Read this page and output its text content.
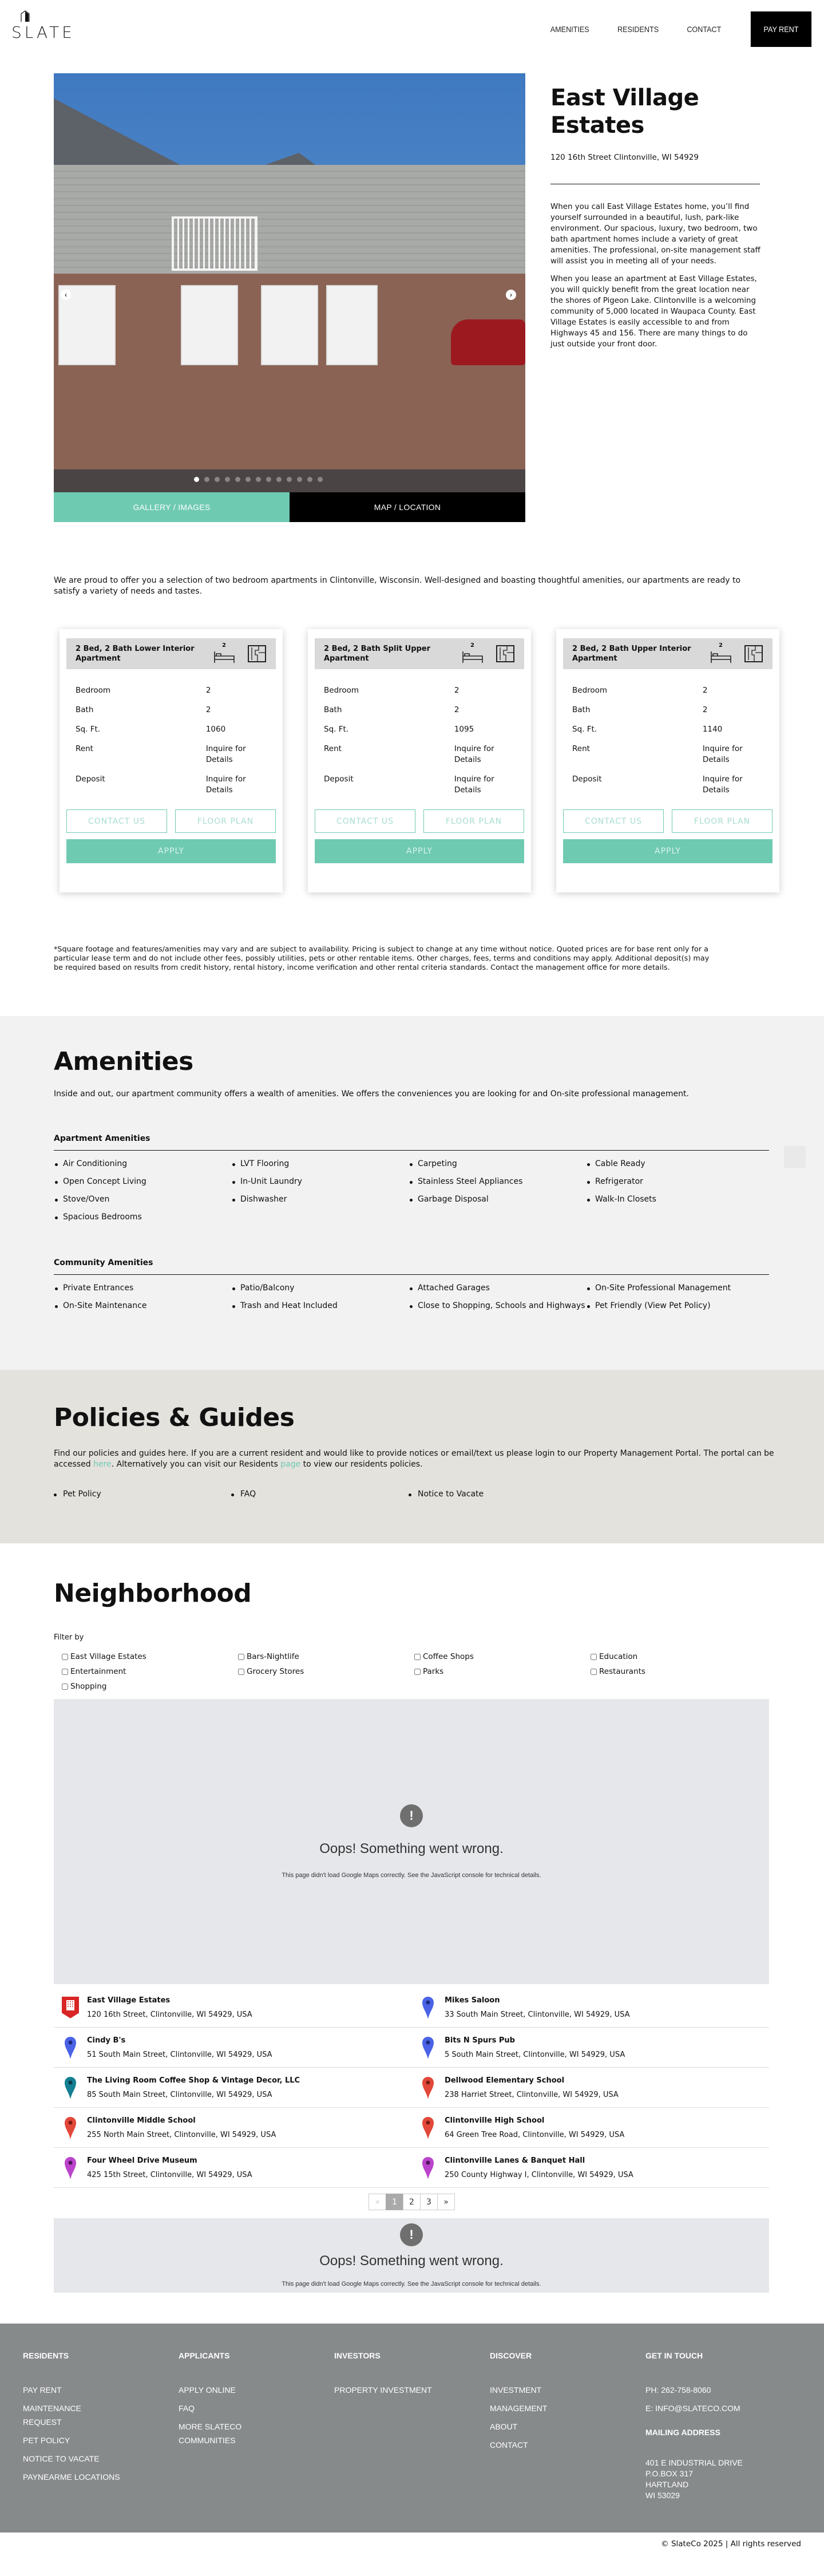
SLATE	AMENITIES	RESIDENTS	CONTACT	PAY RENT
‹	›
GALLERY / IMAGES	MAP / LOCATION
East Village Estates
120 16th Street Clintonville, WI 54929

When you call East Village Estates home, you’ll find yourself surrounded in a beautiful, lush, park-like environment. Our spacious, luxury, two bedroom, two bath apartment homes include a variety of great amenities. The professional, on-site management staff will assist you in meeting all of your needs.

When you lease an apartment at East Village Estates, you will quickly benefit from the great location near the shores of Pigeon Lake. Clintonville is a welcoming community of 5,000 located in Waupaca County. East Village Estates is easily accessible to and from Highways 45 and 156. There are many things to do just outside your front door.

We are proud to offer you a selection of two bedroom apartments in Clintonville, Wisconsin. Well-designed and boasting thoughtful amenities, our apartments are ready to satisfy a variety of needs and tastes.
2 Bed, 2 Bath Lower Interior Apartment
2
Bedroom	2
Bath	2
Sq. Ft.	1060
Rent	Inquire for Details
Deposit	Inquire for Details
CONTACT US	FLOOR PLAN
APPLY
2 Bed, 2 Bath Split Upper Apartment
2
Bedroom	2
Bath	2
Sq. Ft.	1095
Rent	Inquire for Details
Deposit	Inquire for Details
CONTACT US	FLOOR PLAN
APPLY
2 Bed, 2 Bath Upper Interior Apartment
2
Bedroom	2
Bath	2
Sq. Ft.	1140
Rent	Inquire for Details
Deposit	Inquire for Details
CONTACT US	FLOOR PLAN
APPLY
*Square footage and features/amenities may vary and are subject to availability. Pricing is subject to change at any time without notice. Quoted prices are for base rent only for a particular lease term and do not include other fees, possibly utilities, pets or other rentable items. Other charges, fees, terms and conditions may apply. Additional deposit(s) may be required based on results from credit history, rental history, income verification and other rental criteria standards. Contact the management office for more details.
Amenities
Inside and out, our apartment community offers a wealth of amenities. We offers the conveniences you are looking for and On-site professional management.
Apartment Amenities
Air Conditioning	LVT Flooring	Carpeting	Cable Ready
Open Concept Living	In-Unit Laundry	Stainless Steel Appliances	Refrigerator
Stove/Oven	Dishwasher	Garbage Disposal	Walk-In Closets
Spacious Bedrooms
Community Amenities
Private Entrances	Patio/Balcony	Attached Garages	On-Site Professional Management
On-Site Maintenance	Trash and Heat Included	Close to Shopping, Schools and Highways	Pet Friendly (View Pet Policy)
ˆ
Policies & Guides
Find our policies and guides here. If you are a current resident and would like to provide notices or email/text us please login to our Property Management Portal. The portal can be accessed here. Alternatively you can visit our Residents page to view our residents policies.
Pet Policy	FAQ	Notice to Vacate
Neighborhood
Filter by
East Village Estates	Bars-Nightlife	Coffee Shops	Education
Entertainment	Grocery Stores	Parks	Restaurants
Shopping
!
Oops! Something went wrong.
This page didn't load Google Maps correctly. See the JavaScript console for technical details.
East Village Estates
120 16th Street, Clintonville, WI 54929, USA
Mikes Saloon
33 South Main Street, Clintonville, WI 54929, USA
Cindy B's
51 South Main Street, Clintonville, WI 54929, USA
Bits N Spurs Pub
5 South Main Street, Clintonville, WI 54929, USA
The Living Room Coffee Shop & Vintage Decor, LLC
85 South Main Street, Clintonville, WI 54929, USA
Dellwood Elementary School
238 Harriet Street, Clintonville, WI 54929, USA
Clintonville Middle School
255 North Main Street, Clintonville, WI 54929, USA
Clintonville High School
64 Green Tree Road, Clintonville, WI 54929, USA
Four Wheel Drive Museum
425 15th Street, Clintonville, WI 54929, USA
Clintonville Lanes & Banquet Hall
250 County Highway I, Clintonville, WI 54929, USA
«	1	2	3	»
!
Oops! Something went wrong.
This page didn't load Google Maps correctly. See the JavaScript console for technical details.
RESIDENTS
PAY RENT
MAINTENANCE REQUEST
PET POLICY
NOTICE TO VACATE
PAYNEARME LOCATIONS
APPLICANTS
APPLY ONLINE
FAQ
MORE SLATECO COMMUNITIES
INVESTORS
PROPERTY INVESTMENT
DISCOVER
INVESTMENT
MANAGEMENT
ABOUT
CONTACT
GET IN TOUCH
PH: 262-758-8060
E: INFO@SLATECO.COM
MAILING ADDRESS
401 E INDUSTRIAL DRIVE
P.O.BOX 317
HARTLAND
WI 53029
© SlateCo 2025 | All rights reserved
